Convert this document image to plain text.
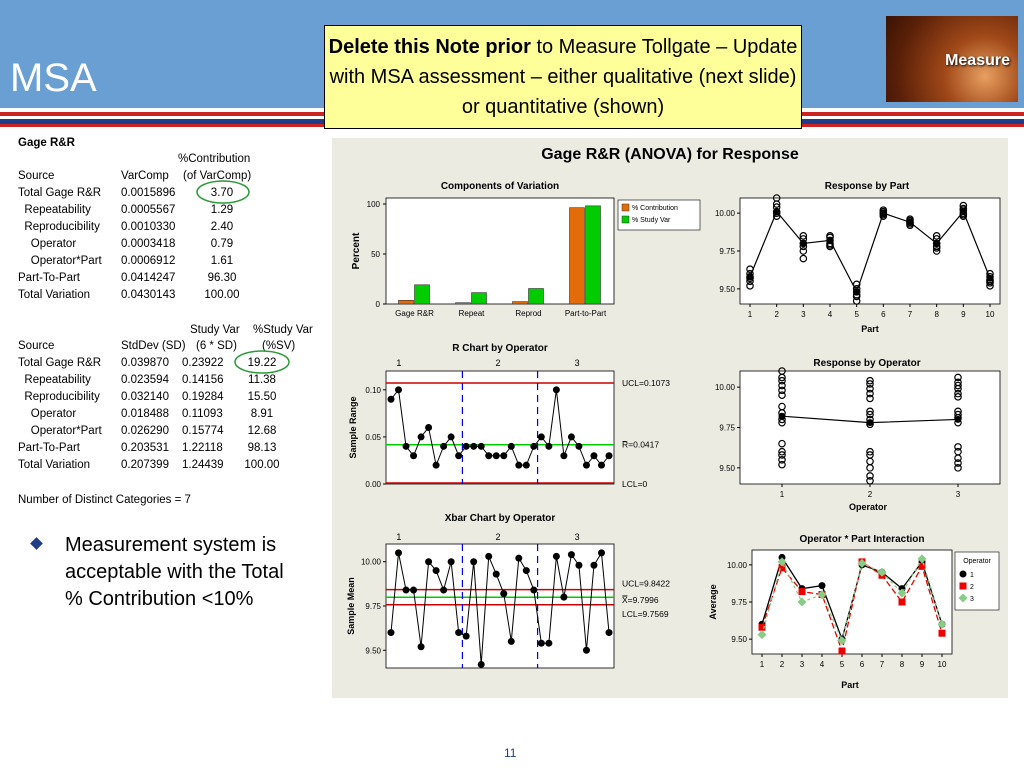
MSA
Delete this Note prior to Measure Tollgate – Update with MSA assessment – either qualitative (next slide) or quantitative (shown)
Measure
Gage R&R
%Contribution
Source	VarComp (of VarComp)
Total Gage R&R 0.0015896	3.70
Repeatability	0.0005567	1.29
Reproducibility 0.0010330	2.40
Operator	0.0003418	0.79
Operator*Part 0.0006912	1.61
Part-To-Part	0.0414247	96.30
Total Variation	0.0430143	100.00
Study Var %Study Var
Source	StdDev (SD) (6 * SD) (%SV)
Total Gage R&R 0.039870 0.23922	19.22
Repeatability	0.023594 0.14156	11.38
Reproducibility 0.032140 0.19284	15.50
Operator	0.018488 0.11093	8.91
Operator*Part 0.026290 0.15774	12.68
Part-To-Part	0.203531 1.22118	98.13
Total Variation	0.207399 1.24439	100.00
Number of Distinct Categories = 7
Measurement system is acceptable with the Total % Contribution <10%
Gage R&R (ANOVA) for Response
Components of Variation
0
50
100
Percent
Gage R&R	Repeat	Reprod	Part-to-Part
% Contribution
% Study Var
Response by Part
9.50
9.75
10.00
1	2	3	4	5	6	7	8	9 10
Part
R Chart by Operator
0.00
0.05
0.10
Sample Range
1	2	3
UCL=0.1073
R̅=0.0417
LCL=0
Response by Operator
9.50
9.75
10.00
1	2	3
Operator
Xbar Chart by Operator
9.50
9.75
10.00
Sample Mean
1	2	3
UCL=9.8422
X̿=9.7996
LCL=9.7569
Operator * Part Interaction
9.50
9.75
10.00
1 2 3 4 5 6 7 8 9 10
Part
Average
Operator
1
2
3
11
